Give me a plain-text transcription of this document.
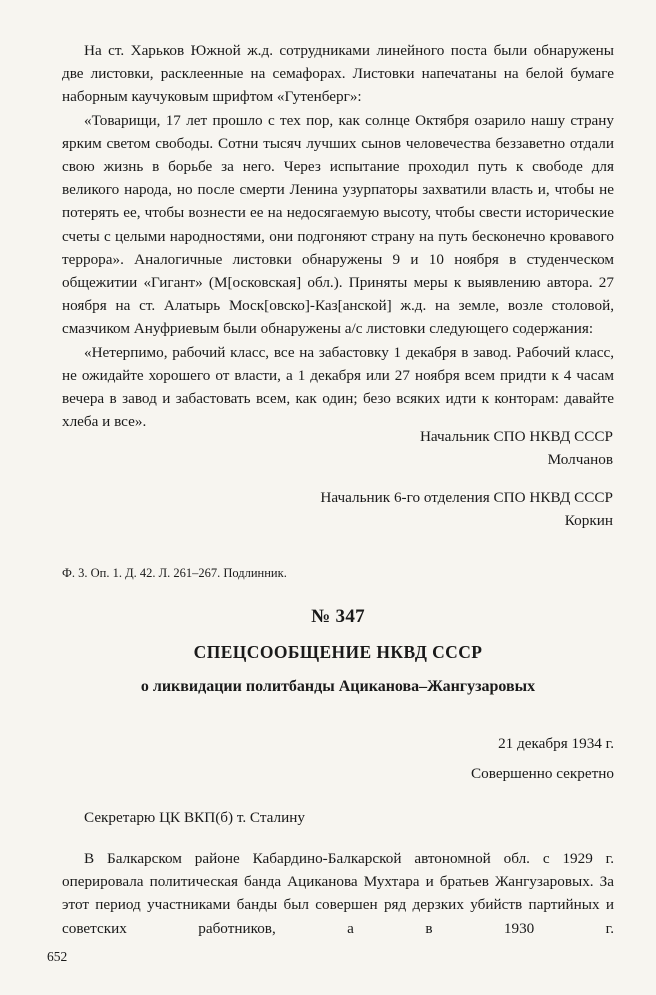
На ст. Харьков Южной ж.д. сотрудниками линейного поста были обнаружены две листовки, расклеенные на семафорах. Листовки напечатаны на белой бумаге наборным каучуковым шрифтом «Гутенберг»:

«Товарищи, 17 лет прошло с тех пор, как солнце Октября озарило нашу страну ярким светом свободы. Сотни тысяч лучших сынов человечества беззаветно отдали свою жизнь в борьбе за него. Через испытание проходил путь к свободе для великого народа, но после смерти Ленина узурпаторы захватили власть и, чтобы не потерять ее, чтобы вознести ее на недосягаемую высоту, чтобы свести исторические счеты с целыми народностями, они подгоняют страну на путь бесконечно кровавого террора». Аналогичные листовки обнаружены 9 и 10 ноября в студенческом общежитии «Гигант» (М[осковская] обл.). Приняты меры к выявлению автора. 27 ноября на ст. Алатырь Моск[овско]-Каз[анской] ж.д. на земле, возле столовой, смазчиком Ануфриевым были обнаружены а/с листовки следующего содержания:

«Нетерпимо, рабочий класс, все на забастовку 1 декабря в завод. Рабочий класс, не ожидайте хорошего от власти, а 1 декабря или 27 ноября всем придти к 4 часам вечера в завод и забастовать всем, как один; безо всяких идти к конторам: давайте хлеба и все».

Начальник СПО НКВД СССР

Молчанов

Начальник 6-го отделения СПО НКВД СССР

Коркин

Ф. 3. Оп. 1. Д. 42. Л. 261–267. Подлинник.

№ 347

СПЕЦСООБЩЕНИЕ НКВД СССР

о ликвидации политбанды Ациканова–Жангузаровых

21 декабря 1934 г.

Совершенно секретно

Секретарю ЦК ВКП(б) т. Сталину

В Балкарском районе Кабардино-Балкарской автономной обл. с 1929 г. оперировала политическая банда Ациканова Мухтара и братьев Жангузаровых. За этот период участниками банды был совершен ряд дерзких убийств партийных и советских работников, а в 1930 г.

652
